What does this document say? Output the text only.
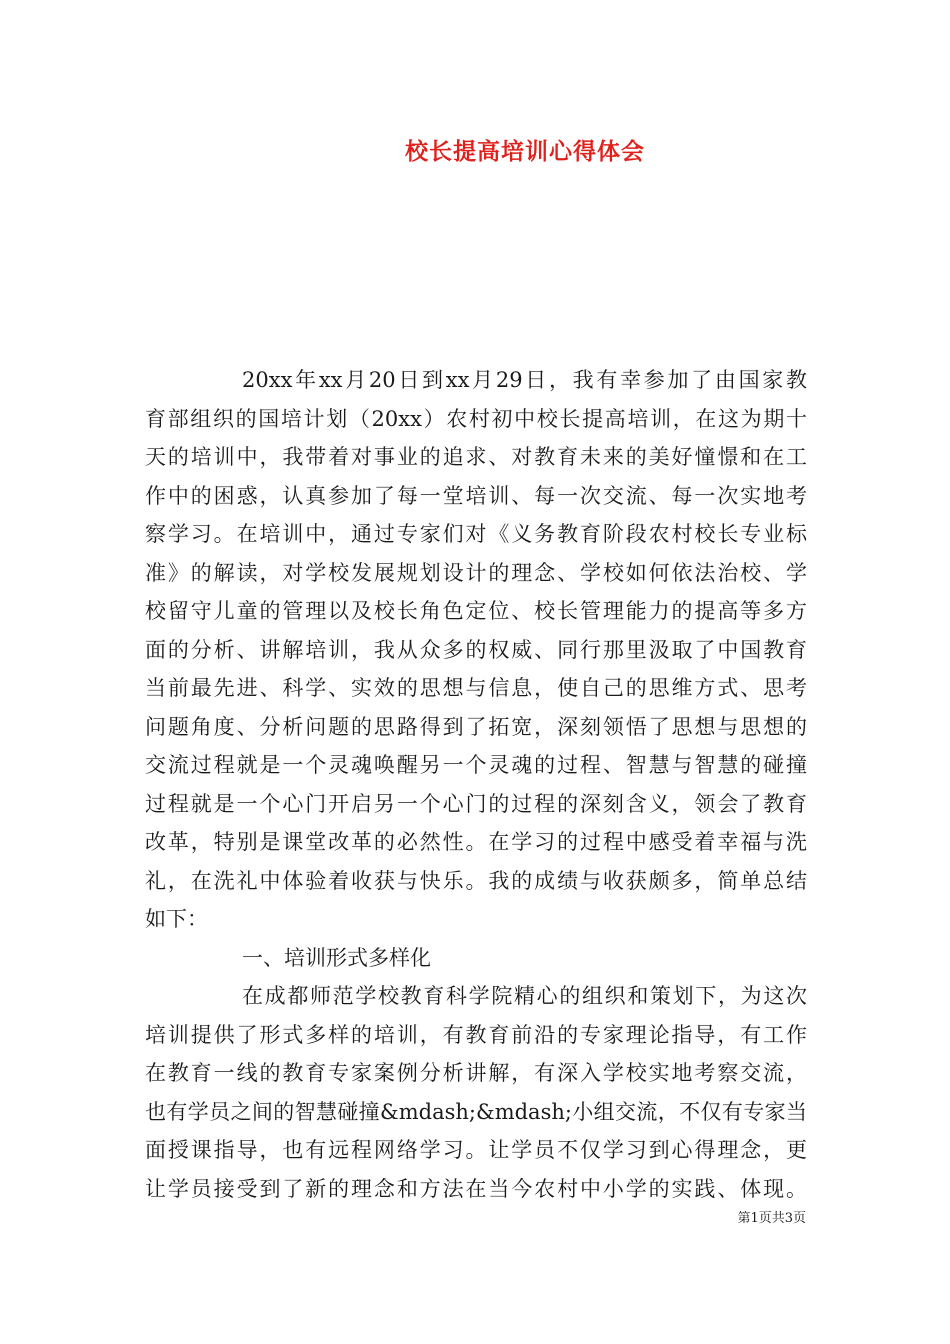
校长提高培训心得体会
20xx年xx月20日到xx月29日，我有幸参加了由国家教
育部组织的国培计划（20xx）农村初中校长提高培训，在这为期十
天的培训中，我带着对事业的追求、对教育未来的美好憧憬和在工
作中的困惑，认真参加了每一堂培训、每一次交流、每一次实地考
察学习。在培训中，通过专家们对《义务教育阶段农村校长专业标
准》的解读，对学校发展规划设计的理念、学校如何依法治校、学
校留守儿童的管理以及校长角色定位、校长管理能力的提高等多方
面的分析、讲解培训，我从众多的权威、同行那里汲取了中国教育
当前最先进、科学、实效的思想与信息，使自己的思维方式、思考
问题角度、分析问题的思路得到了拓宽，深刻领悟了思想与思想的
交流过程就是一个灵魂唤醒另一个灵魂的过程、智慧与智慧的碰撞
过程就是一个心门开启另一个心门的过程的深刻含义，领会了教育
改革，特别是课堂改革的必然性。在学习的过程中感受着幸福与洗
礼，在洗礼中体验着收获与快乐。我的成绩与收获颇多，简单总结
如下：
一、培训形式多样化
在成都师范学校教育科学院精心的组织和策划下，为这次
培训提供了形式多样的培训，有教育前沿的专家理论指导，有工作
在教育一线的教育专家案例分析讲解，有深入学校实地考察交流，
也有学员之间的智慧碰撞&mdash;&mdash;小组交流，不仅有专家当
面授课指导，也有远程网络学习。让学员不仅学习到心得理念，更
让学员接受到了新的理念和方法在当今农村中小学的实践、体现。
第1页共3页
